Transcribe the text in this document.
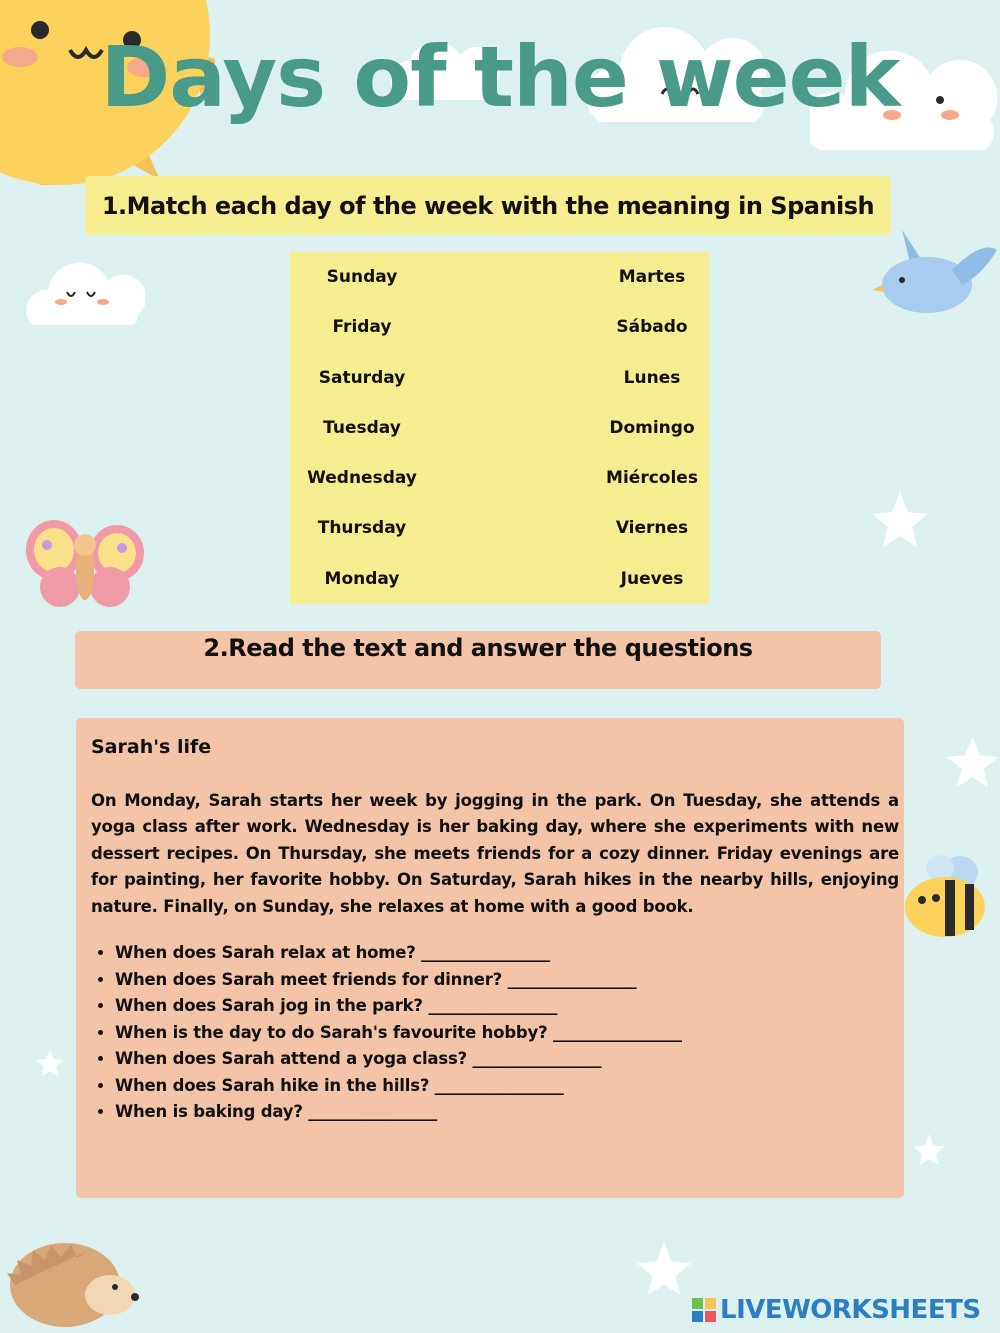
Days of the week
1.Match each day of the week with the meaning in Spanish
Sunday
Friday
Saturday
Tuesday
Wednesday
Thursday
Monday
Martes
Sábado
Lunes
Domingo
Miércoles
Viernes
Jueves
2.Read the text and answer the questions
Sarah's life

On Monday, Sarah starts her week by jogging in the park. On Tuesday, she attends a yoga class after work. Wednesday is her baking day, where she experiments with new dessert recipes. On Thursday, she meets friends for a cozy dinner. Friday evenings are for painting, her favorite hobby. On Saturday, Sarah hikes in the nearby hills, enjoying nature. Finally, on Sunday, she relaxes at home with a good book.

• When does Sarah relax at home? ________________
• When does Sarah meet friends for dinner? ________________
• When does Sarah jog in the park? ________________
• When is the day to do Sarah's favourite hobby? ________________
• When does Sarah attend a yoga class? ________________
• When does Sarah hike in the hills? ________________
• When is baking day? ________________
LIVEWORKSHEETS
